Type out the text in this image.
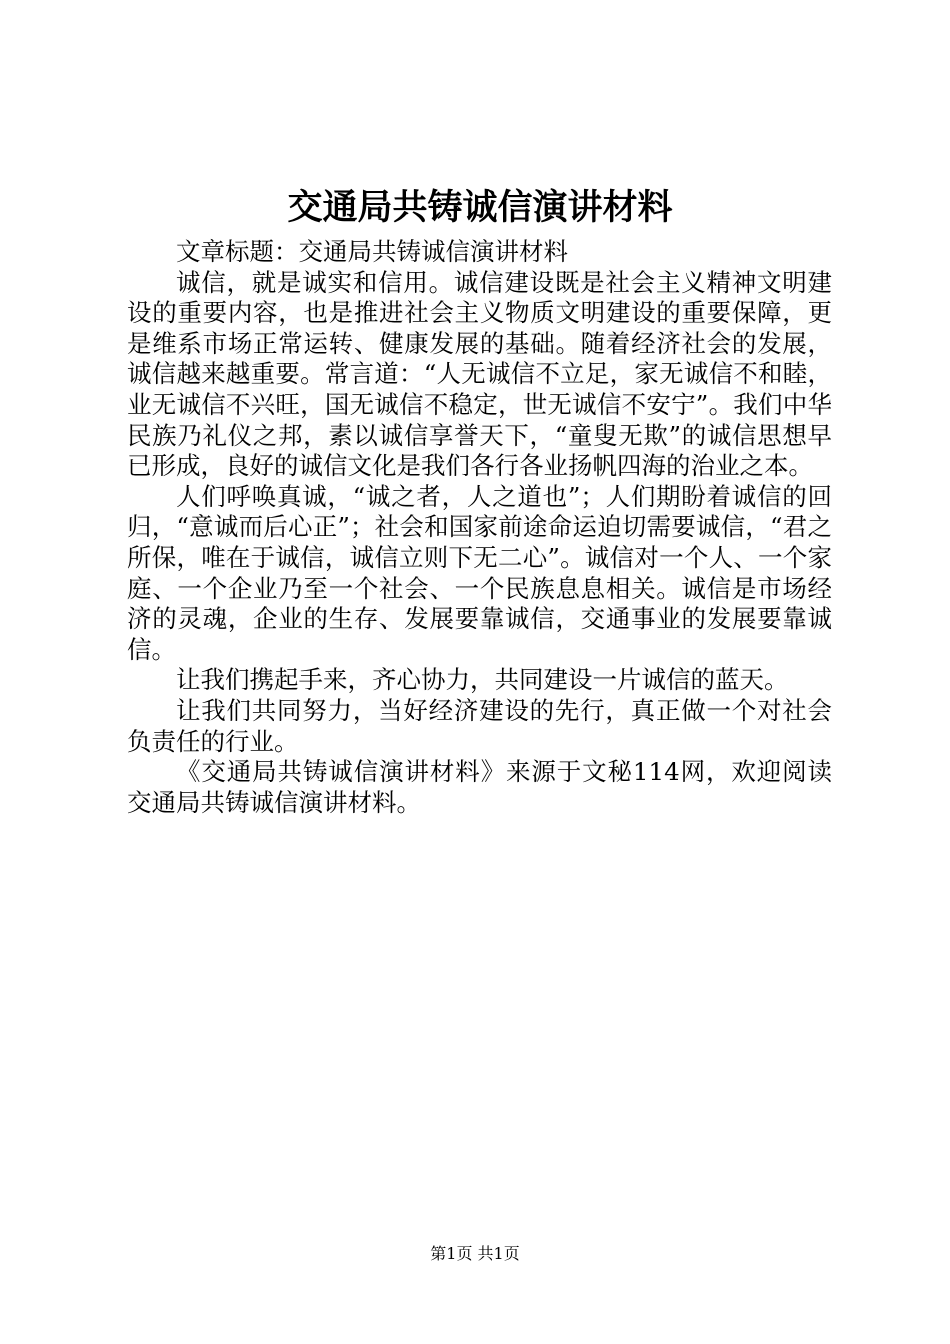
交通局共铸诚信演讲材料

文章标题：交通局共铸诚信演讲材料

诚信，就是诚实和信用。诚信建设既是社会主义精神文明建设的重要内容，也是推进社会主义物质文明建设的重要保障，更是维系市场正常运转、健康发展的基础。随着经济社会的发展，诚信越来越重要。常言道：“人无诚信不立足，家无诚信不和睦，业无诚信不兴旺，国无诚信不稳定，世无诚信不安宁”。我们中华民族乃礼仪之邦，素以诚信享誉天下，“童叟无欺”的诚信思想早已形成，良好的诚信文化是我们各行各业扬帆四海的治业之本。

人们呼唤真诚，“诚之者，人之道也”；人们期盼着诚信的回归，“意诚而后心正”；社会和国家前途命运迫切需要诚信，“君之所保，唯在于诚信，诚信立则下无二心”。诚信对一个人、一个家庭、一个企业乃至一个社会、一个民族息息相关。诚信是市场经济的灵魂，企业的生存、发展要靠诚信，交通事业的发展要靠诚信。

让我们携起手来，齐心协力，共同建设一片诚信的蓝天。

让我们共同努力，当好经济建设的先行，真正做一个对社会负责任的行业。

《交通局共铸诚信演讲材料》来源于文秘114网，欢迎阅读交通局共铸诚信演讲材料。

第1页 共1页
